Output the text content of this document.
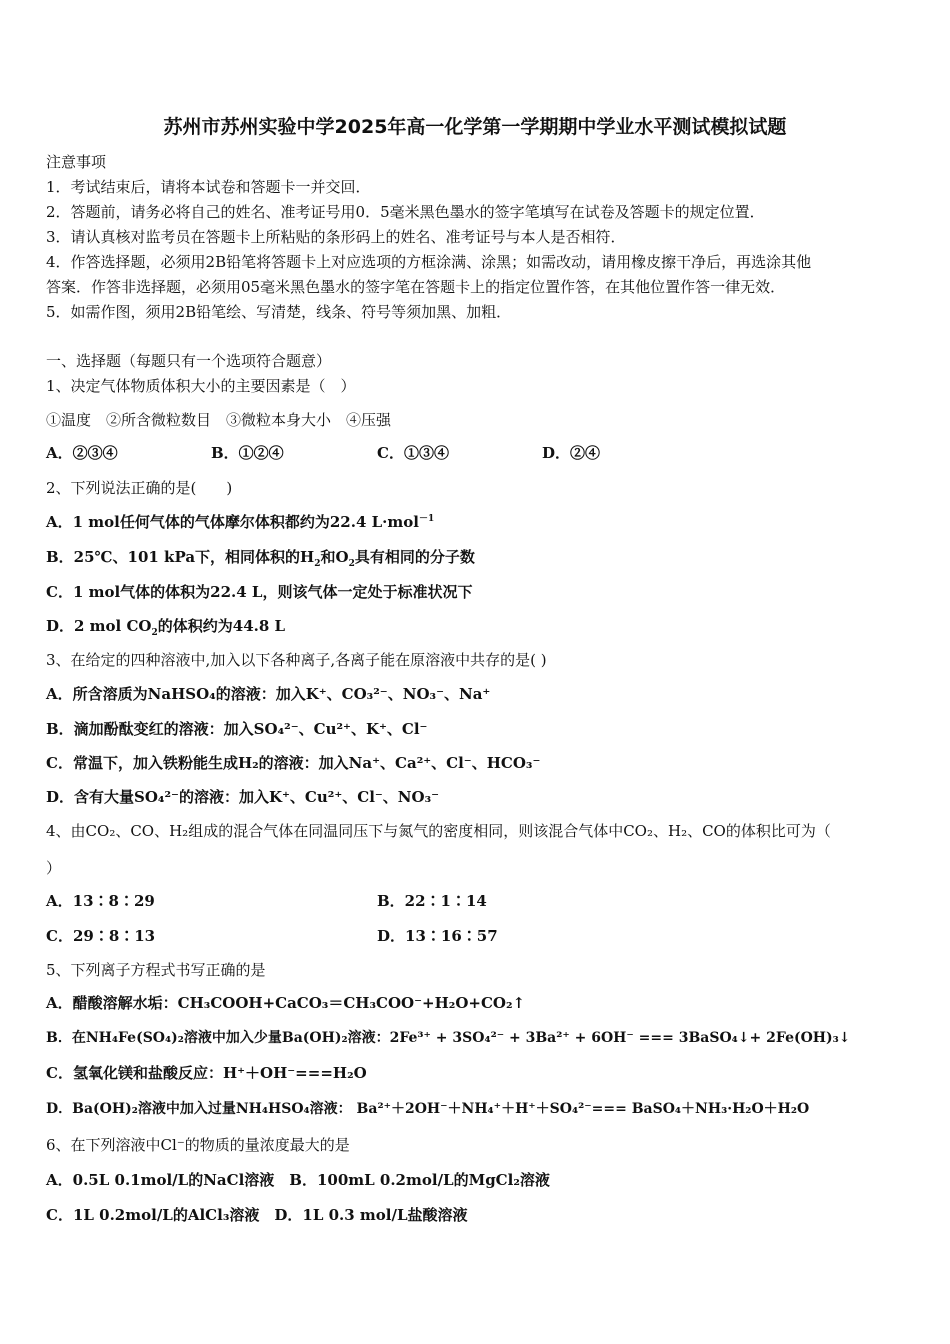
苏州市苏州实验中学2025年高一化学第一学期期中学业水平测试模拟试题
注意事项
1．考试结束后，请将本试卷和答题卡一并交回．
2．答题前，请务必将自己的姓名、准考证号用0．5毫米黑色墨水的签字笔填写在试卷及答题卡的规定位置．
3．请认真核对监考员在答题卡上所粘贴的条形码上的姓名、准考证号与本人是否相符．
4．作答选择题，必须用2B铅笔将答题卡上对应选项的方框涂满、涂黑；如需改动，请用橡皮擦干净后，再选涂其他
答案．作答非选择题，必须用05毫米黑色墨水的签字笔在答题卡上的指定位置作答，在其他位置作答一律无效．
5．如需作图，须用2B铅笔绘、写清楚，线条、符号等须加黑、加粗．
一、选择题（每题只有一个选项符合题意）
1、决定气体物质体积大小的主要因素是（　）
①温度　②所含微粒数目　③微粒本身大小　④压强
A．②③④	B．①②④	C．①③④	D．②④
2、下列说法正确的是(　　)
A．1 mol任何气体的气体摩尔体积都约为22.4 L·mol$^{-1}$
B．25℃、101 kPa下，相同体积的$H_2$和$O_2$具有相同的分子数
C．1 mol气体的体积为22.4 L，则该气体一定处于标准状况下
D．2 mol $CO_2$的体积约为44.8 L
3、在给定的四种溶液中,加入以下各种离子,各离子能在原溶液中共存的是( )
A．所含溶质为NaHSO₄的溶液：加入K⁺、CO₃²⁻、NO₃⁻、Na⁺
B．滴加酚酞变红的溶液：加入SO₄²⁻、Cu²⁺、K⁺、Cl⁻
C．常温下，加入铁粉能生成H₂的溶液：加入Na⁺、Ca²⁺、Cl⁻、HCO₃⁻
D．含有大量SO₄²⁻的溶液：加入K⁺、Cu²⁺、Cl⁻、NO₃⁻
4、由CO₂、CO、H₂组成的混合气体在同温同压下与氮气的密度相同，则该混合气体中CO₂、H₂、CO的体积比可为（
）
A．13∶8∶29	B．22∶1∶14
C．29∶8∶13	D．13∶16∶57
5、下列离子方程式书写正确的是
A．醋酸溶解水垢：CH₃COOH+CaCO₃＝CH₃COO⁻+H₂O+CO₂↑
B．在NH₄Fe(SO₄)₂溶液中加入少量Ba(OH)₂溶液：2Fe³⁺ + 3SO₄²⁻ + 3Ba²⁺ + 6OH⁻ === 3BaSO₄↓+ 2Fe(OH)₃↓
C．氢氧化镁和盐酸反应：H⁺＋OH⁻===H₂O
D．Ba(OH)₂溶液中加入过量NH₄HSO₄溶液： Ba²⁺＋2OH⁻＋NH₄⁺＋H⁺＋SO₄²⁻=== BaSO₄＋NH₃·H₂O＋H₂O
6、在下列溶液中Cl⁻的物质的量浓度最大的是
A．0.5L 0.1mol/L的NaCl溶液　B．100mL 0.2mol/L的MgCl₂溶液
C．1L 0.2mol/L的AlCl₃溶液　D．1L 0.3 mol/L盐酸溶液
